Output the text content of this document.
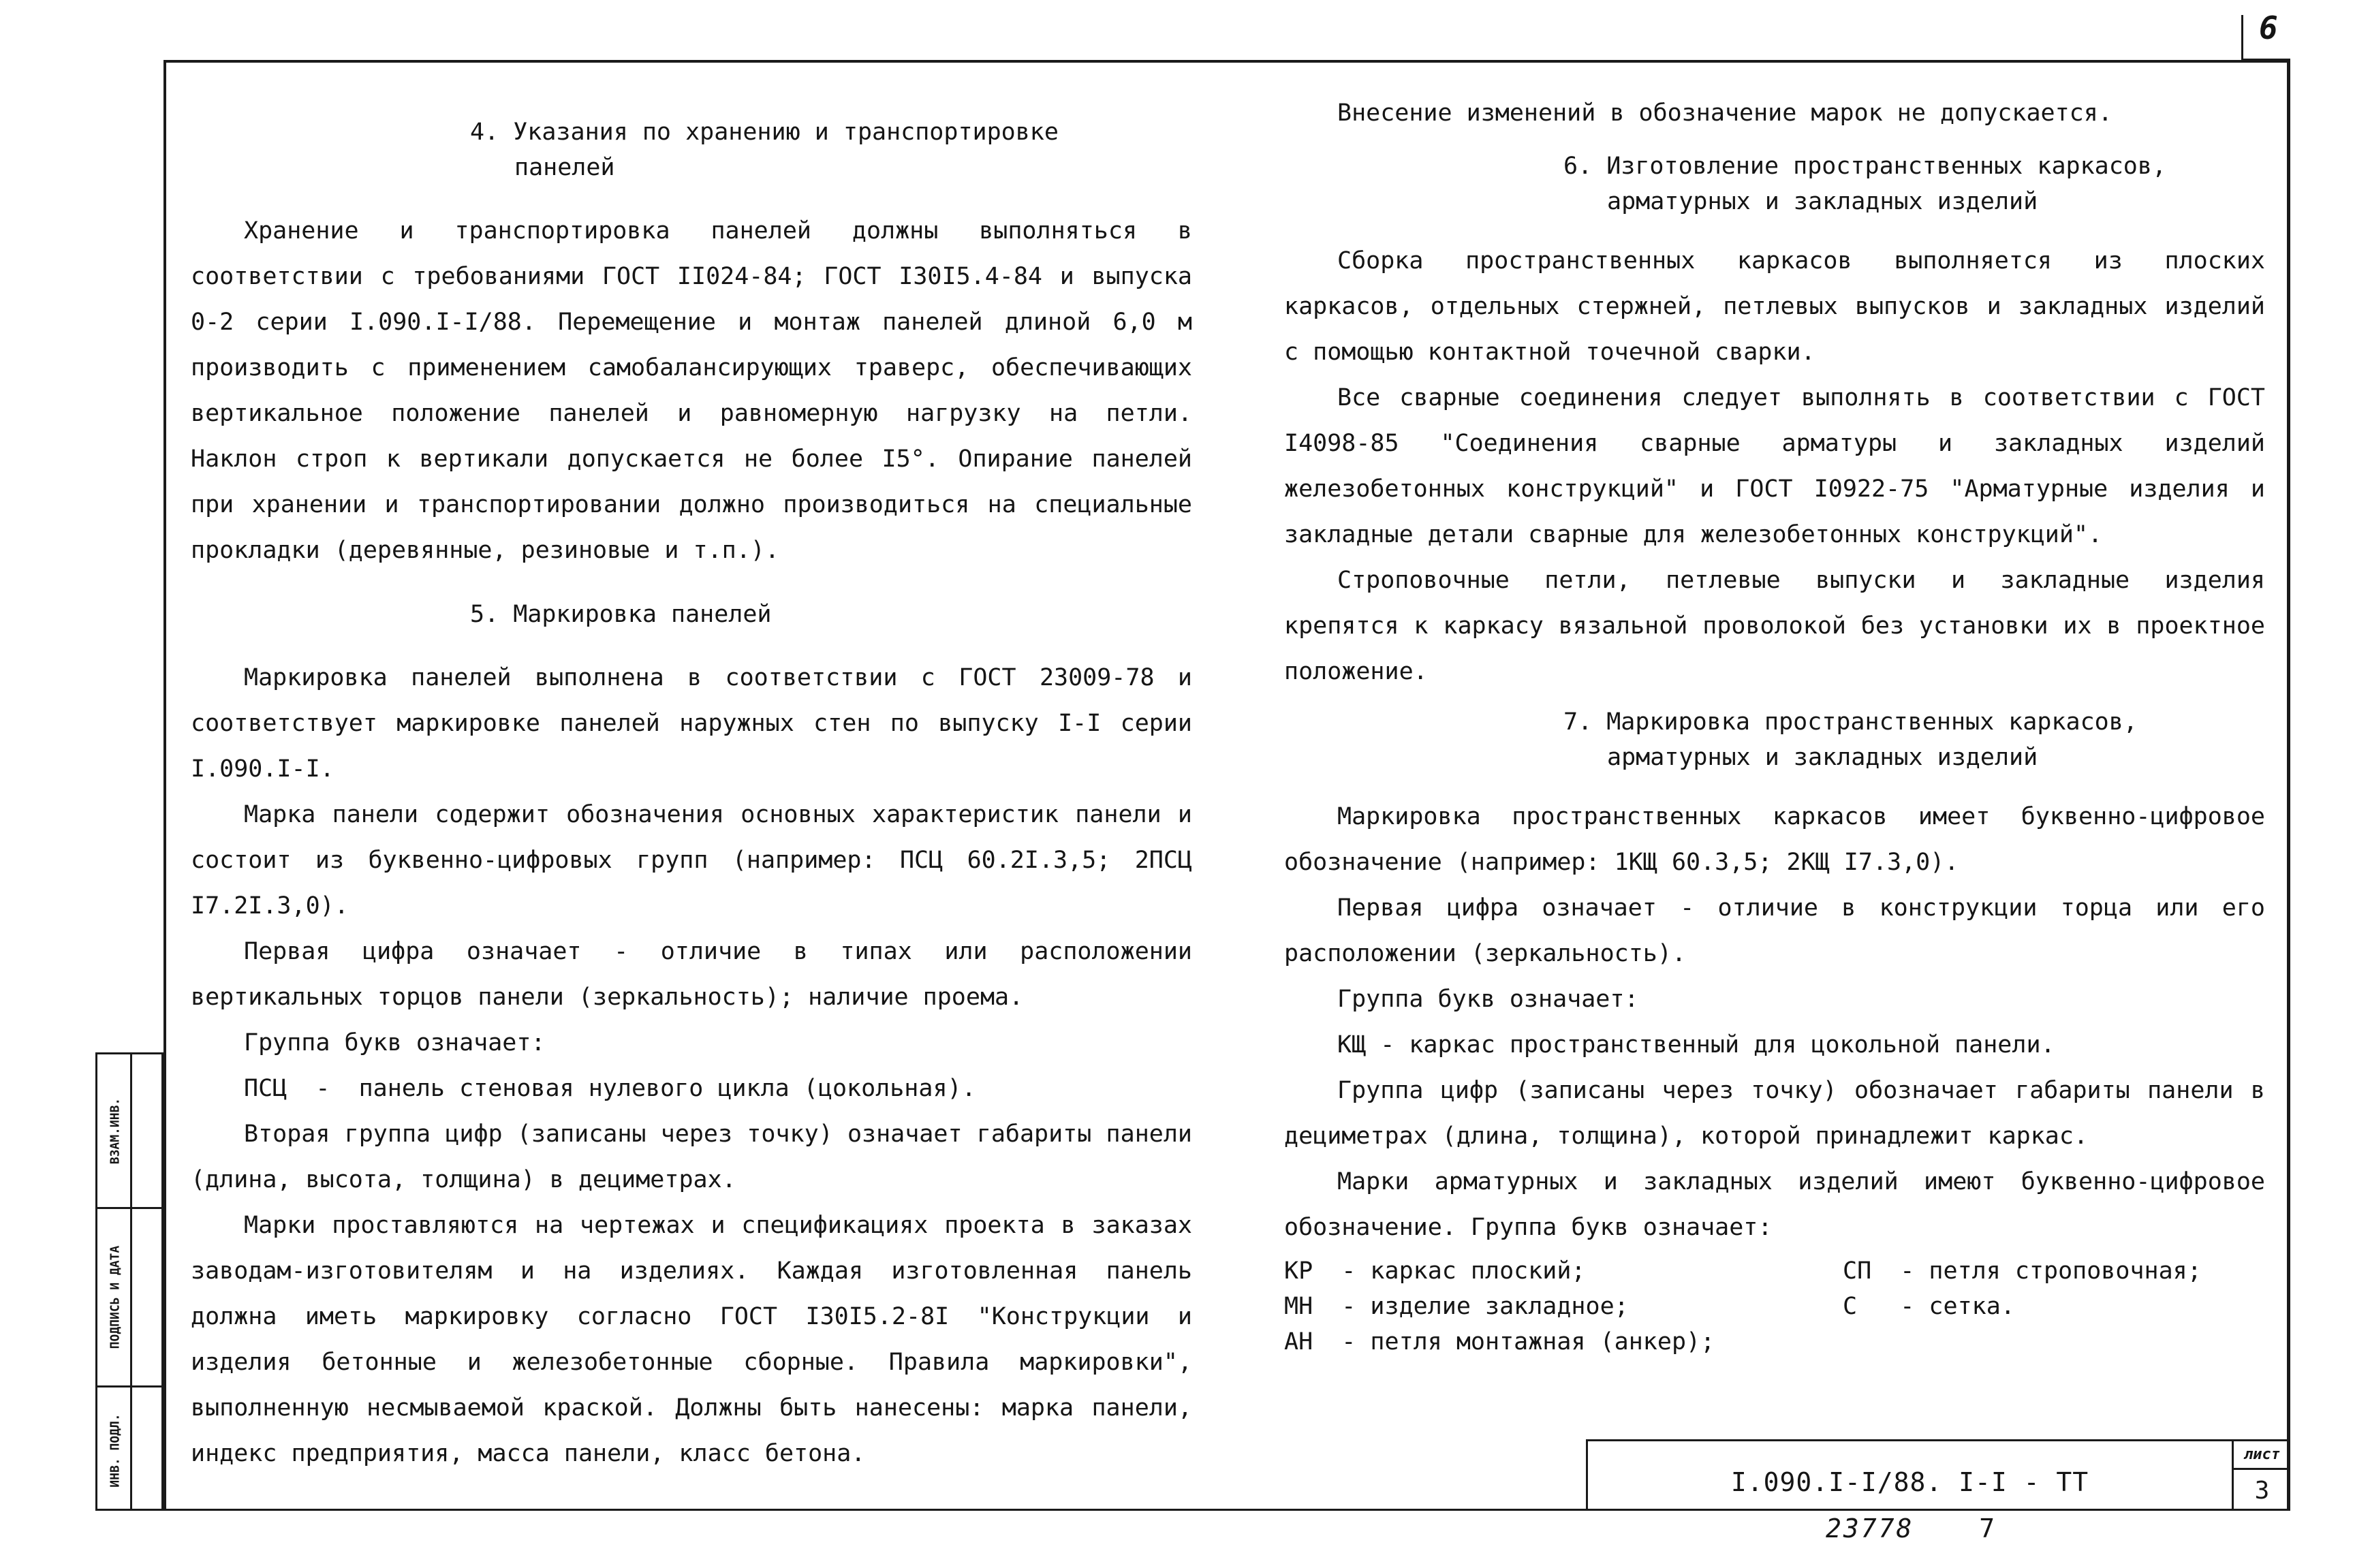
6
4. Указания по хранению и транспортировке
панелей

Хранение и транспортировка панелей должны выполняться в соответствии с требованиями ГОСТ II024-84; ГОСТ I30I5.4-84 и выпуска 0-2 серии I.090.I-I/88. Перемещение и монтаж панелей длиной 6,0 м производить с применением самобалансирующих траверс, обеспечивающих вертикальное положение панелей и равномерную нагрузку на петли. Наклон строп к вертикали допускается не более I5°. Опирание панелей при хранении и транспортировании должно производиться на специальные прокладки (деревянные, резиновые и т.п.).

5. Маркировка панелей

Маркировка панелей выполнена в соответствии с ГОСТ 23009-78 и соответствует маркировке панелей наружных стен по выпуску I-I серии I.090.I-I.

Марка панели содержит обозначения основных характеристик панели и состоит из буквенно-цифровых групп (например: ПСЦ 60.2I.3,5; 2ПСЦ I7.2I.3,0).

Первая цифра означает - отличие в типах или расположении вертикальных торцов панели (зеркальность); наличие проема.

Группа букв означает:

ПСЦ  -  панель стеновая нулевого цикла (цокольная).

Вторая группа цифр (записаны через точку) означает габариты панели (длина, высота, толщина) в дециметрах.

Марки проставляются на чертежах и спецификациях проекта в заказах заводам-изготовителям и на изделиях. Каждая изготовленная панель должна иметь маркировку согласно ГОСТ I30I5.2-8I "Конструкции и изделия бетонные и железобетонные сборные. Правила маркировки", выполненную несмываемой краской. Должны быть нанесены: марка панели, индекс предприятия, масса панели, класс бетона.

Внесение изменений в обозначение марок не допускается.

6. Изготовление пространственных каркасов,
арматурных и закладных изделий

Сборка пространственных каркасов выполняется из плоских каркасов, отдельных стержней, петлевых выпусков и закладных изделий с помощью контактной точечной сварки.

Все сварные соединения следует выполнять в соответствии с ГОСТ I4098-85 "Соединения сварные арматуры и закладных изделий железобетонных конструкций" и ГОСТ I0922-75 "Арматурные изделия и закладные детали сварные для железобетонных конструкций".

Строповочные петли, петлевые выпуски и закладные изделия крепятся к каркасу вязальной проволокой без установки их в проектное положение.

7. Маркировка пространственных каркасов,
арматурных и закладных изделий

Маркировка пространственных каркасов имеет буквенно-цифровое обозначение (например: 1КЩ 60.3,5; 2КЩ I7.3,0).

Первая цифра означает - отличие в конструкции торца или его расположении (зеркальность).

Группа букв означает:

КЩ - каркас пространственный для цокольной панели.

Группа цифр (записаны через точку) обозначает габариты панели в дециметрах (длина, толщина), которой принадлежит каркас.

Марки арматурных и закладных изделий имеют буквенно-цифровое обозначение. Группа букв означает:

КР  - каркас плоский;	СП  - петля строповочная;
МН  - изделие закладное;	С   - сетка.
АН  - петля монтажная (анкер);
ВЗАМ.ИНВ.
ПОДПИСЬ И ДАТА
ИНВ. ПОДЛ.	I.090.I-I/88. I-I - ТТ
лист
3
23778	7
